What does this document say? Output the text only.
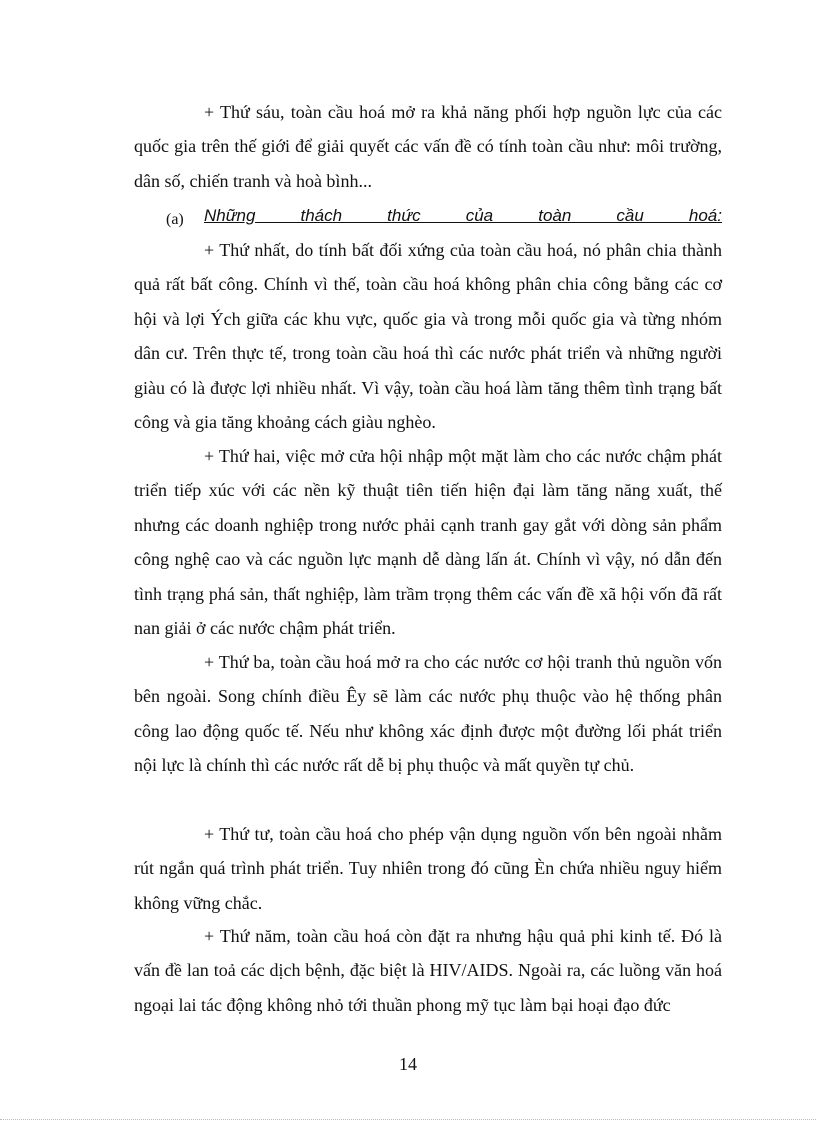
+ Thứ sáu, toàn cầu hoá mở ra khả năng phối hợp nguồn lực của các quốc gia trên thế giới để giải quyết các vấn đề có tính toàn cầu như: môi trường, dân số, chiến tranh và hoà bình...

(a) Những thách thức của toàn cầu hoá:

+ Thứ nhất, do tính bất đối xứng của toàn cầu hoá, nó phân chia thành quả rất bất công. Chính vì thế, toàn cầu hoá không phân chia công bằng các cơ hội và lợi Ých giữa các khu vực, quốc gia và trong mỗi quốc gia và từng nhóm dân cư. Trên thực tế, trong toàn cầu hoá thì các nước phát triển và những người giàu có là được lợi nhiều nhất. Vì vậy, toàn cầu hoá làm tăng thêm tình trạng bất công và gia tăng khoảng cách giàu nghèo.

+ Thứ hai, việc mở cửa hội nhập một mặt làm cho các nước chậm phát triển tiếp xúc với các nền kỹ thuật tiên tiến hiện đại làm tăng năng xuất, thế nhưng các doanh nghiệp trong nước phải cạnh tranh gay gắt với dòng sản phẩm công nghệ cao và các nguồn lực mạnh dễ dàng lấn át. Chính vì vậy, nó dẫn đến tình trạng phá sản, thất nghiệp, làm trầm trọng thêm các vấn đề xã hội vốn đã rất nan giải ở các nước chậm phát triển.

+ Thứ ba, toàn cầu hoá mở ra cho các nước cơ hội tranh thủ nguồn vốn bên ngoài. Song chính điều Êy sẽ làm các nước phụ thuộc vào hệ thống phân công lao động quốc tế. Nếu như không xác định được một đường lối phát triển nội lực là chính thì các nước rất dễ bị phụ thuộc và mất quyền tự chủ.

+ Thứ tư, toàn cầu hoá cho phép vận dụng nguồn vốn bên ngoài nhằm rút ngắn quá trình phát triển. Tuy nhiên trong đó cũng Èn chứa nhiều nguy hiểm không vững chắc.

+ Thứ năm, toàn cầu hoá còn đặt ra nhưng hậu quả phi kinh tế. Đó là vấn đề lan toả các dịch bệnh, đặc biệt là HIV/AIDS. Ngoài ra, các luồng văn hoá ngoại lai tác động không nhỏ tới thuần phong mỹ tục làm bại hoại đạo đức

14
